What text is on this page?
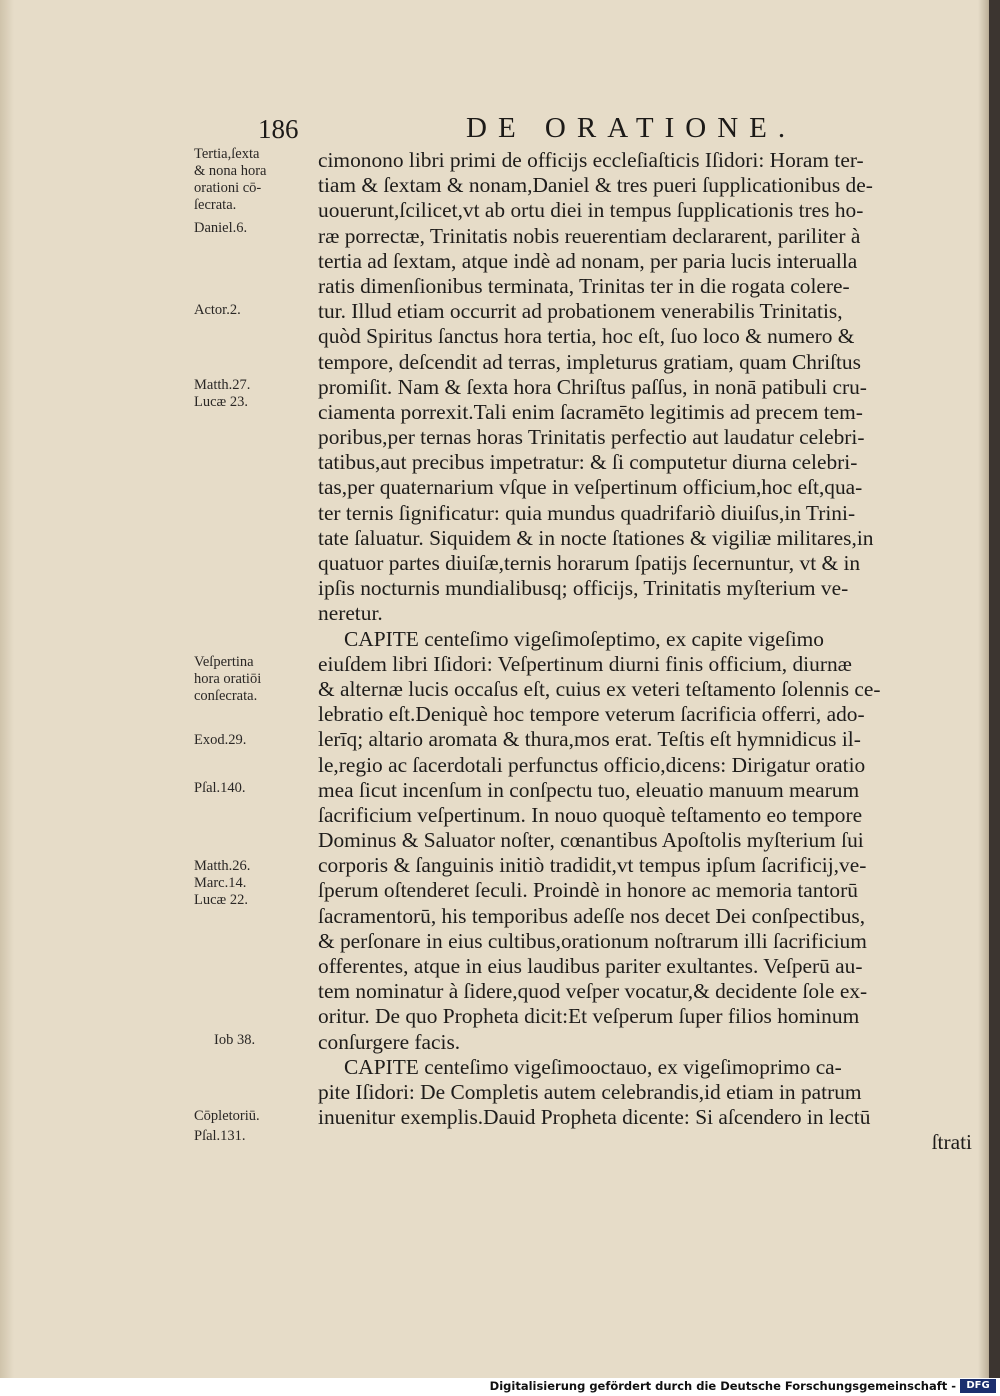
186	DE ORATIONE.
Tertia,ſexta
& nona hora
orationi cō-
ſecrata.
Daniel.6.
Actor.2.
Matth.27.
Lucæ 23.
Veſpertina
hora oratiōi
conſecrata.
Exod.29.
Pſal.140.
Matth.26.
Marc.14.
Lucæ 22.
Iob 38.
Cōpletoriū.
Pſal.131.
cimonono libri primi de officijs eccleſiaſticis Iſidori: Horam ter-
tiam & ſextam & nonam,Daniel & tres pueri ſupplicationibus de-
uouerunt,ſcilicet,vt ab ortu diei in tempus ſupplicationis tres ho-
ræ porrectæ, Trinitatis nobis reuerentiam declararent, pariliter à
tertia ad ſextam, atque indè ad nonam, per paria lucis interualla
ratis dimenſionibus terminata, Trinitas ter in die rogata colere-
tur. Illud etiam occurrit ad probationem venerabilis Trinitatis,
quòd Spiritus ſanctus hora tertia, hoc eſt, ſuo loco & numero &
tempore, deſcendit ad terras, impleturus gratiam, quam Chriſtus
promiſit. Nam & ſexta hora Chriſtus paſſus, in nonā patibuli cru-
ciamenta porrexit.Tali enim ſacramēto legitimis ad precem tem-
poribus,per ternas horas Trinitatis perfectio aut laudatur celebri-
tatibus,aut precibus impetratur: & ſi computetur diurna celebri-
tas,per quaternarium vſque in veſpertinum officium,hoc eſt,qua-
ter ternis ſignificatur: quia mundus quadrifariò diuiſus,in Trini-
tate ſaluatur. Siquidem & in nocte ſtationes & vigiliæ militares,in
quatuor partes diuiſæ,ternis horarum ſpatijs ſecernuntur, vt & in
ipſis nocturnis mundialibusq; officijs, Trinitatis myſterium ve-
neretur.
CAPITE centeſimo vigeſimoſeptimo, ex capite vigeſimo
eiuſdem libri Iſidori: Veſpertinum diurni finis officium, diurnæ
& alternæ lucis occaſus eſt, cuius ex veteri teſtamento ſolennis ce-
lebratio eſt.Deniquè hoc tempore veterum ſacrificia offerri, ado-
lerīq; altario aromata & thura,mos erat. Teſtis eſt hymnidicus il-
le,regio ac ſacerdotali perfunctus officio,dicens: Dirigatur oratio
mea ſicut incenſum in conſpectu tuo, eleuatio manuum mearum
ſacrificium veſpertinum. In nouo quoquè teſtamento eo tempore
Dominus & Saluator noſter, cœnantibus Apoſtolis myſterium ſui
corporis & ſanguinis initiò tradidit,vt tempus ipſum ſacrificij,ve-
ſperum oſtenderet ſeculi. Proindè in honore ac memoria tantorū
ſacramentorū, his temporibus adeſſe nos decet Dei conſpectibus,
& perſonare in eius cultibus,orationum noſtrarum illi ſacrificium
offerentes, atque in eius laudibus pariter exultantes. Veſperū au-
tem nominatur à ſidere,quod veſper vocatur,& decidente ſole ex-
oritur. De quo Propheta dicit:Et veſperum ſuper filios hominum
conſurgere facis.
CAPITE centeſimo vigeſimooctauo, ex vigeſimoprimo ca-
pite Iſidori: De Completis autem celebrandis,id etiam in patrum
inuenitur exemplis.Dauid Propheta dicente: Si aſcendero in lectū
ſtrati
Digitalisierung gefördert durch die Deutsche Forschungsgemeinschaft -	DFG
